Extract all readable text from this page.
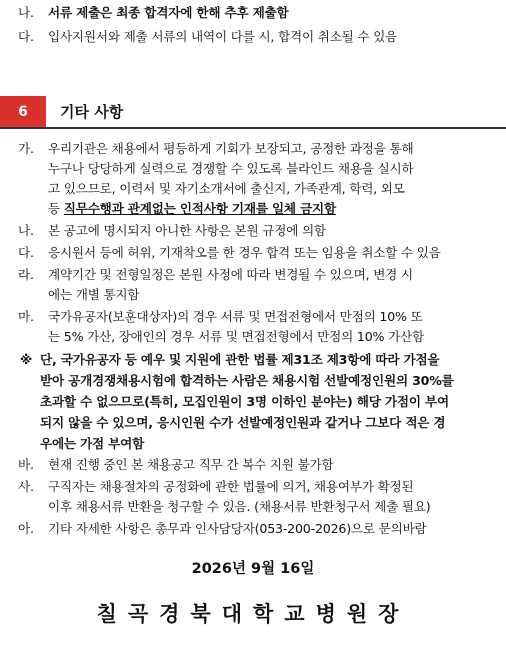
나. 서류 제출은 최종 합격자에 한해 추후 제출함
다. 입사지원서와 제출 서류의 내역이 다를 시, 합격이 취소될 수 있음
6	기타 사항
가. 우리기관은 채용에서 평등하게 기회가 보장되고, 공정한 과정을 통해
누구나 당당하게 실력으로 경쟁할 수 있도록 블라인드 채용을 실시하
고 있으므로, 이력서 및 자기소개서에 출신지, 가족관계, 학력, 외모
등 직무수행과 관계없는 인적사항 기재를 일체 금지함
나. 본 공고에 명시되지 아니한 사항은 본원 규정에 의함
다. 응시원서 등에 허위, 기재착오를 한 경우 합격 또는 임용을 취소할 수 있음
라. 계약기간 및 전형일정은 본원 사정에 따라 변경될 수 있으며, 변경 시
에는 개별 통지함
마. 국가유공자(보훈대상자)의 경우 서류 및 면접전형에서 만점의 10% 또
는 5% 가산, 장애인의 경우 서류 및 면접전형에서 만점의 10% 가산함
※ 단, 국가유공자 등 예우 및 지원에 관한 법률 제31조 제3항에 따라 가점을
받아 공개경쟁채용시험에 합격하는 사람은 채용시험 선발예정인원의 30%를
초과할 수 없으므로(특히, 모집인원이 3명 이하인 분야는) 해당 가점이 부여
되지 않을 수 있으며, 응시인원 수가 선발예정인원과 같거나 그보다 적은 경
우에는 가점 부여함
바. 현재 진행 중인 본 채용공고 직무 간 복수 지원 불가함
사. 구직자는 채용절차의 공정화에 관한 법률에 의거, 채용여부가 확정된
이후 채용서류 반환을 청구할 수 있음. (채용서류 반환청구서 제출 필요)
아. 기타 자세한 사항은 총무과 인사담당자(053-200-2026)으로 문의바람
2026년 9월 16일
칠곡경북대학교병원장
